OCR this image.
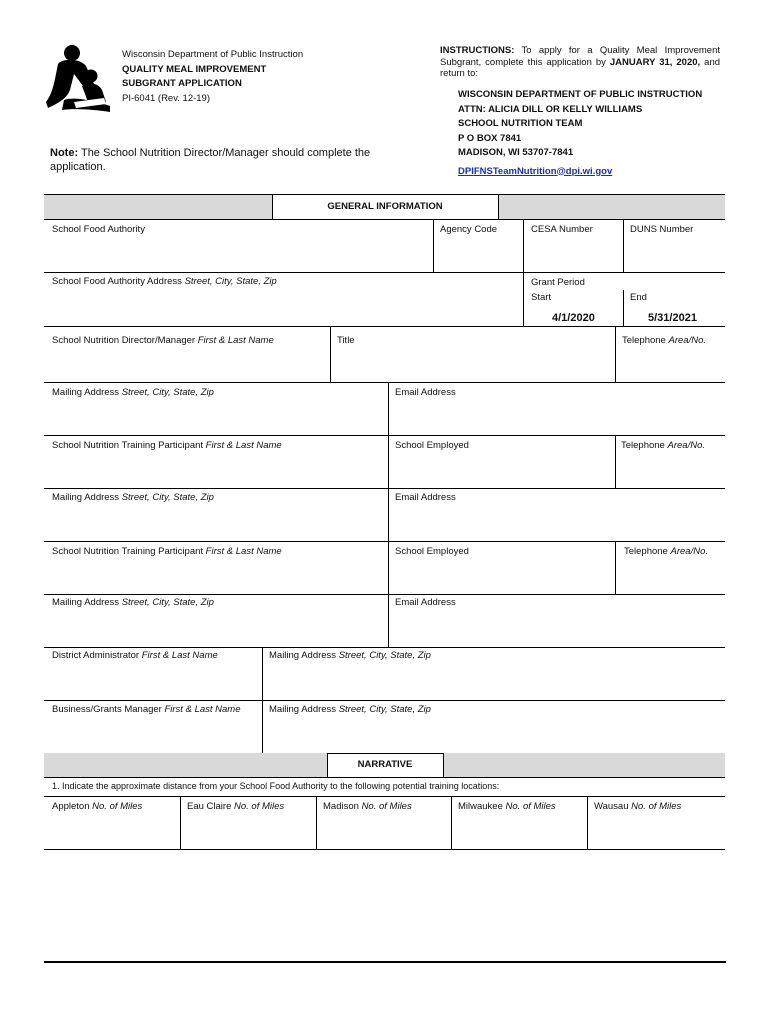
Wisconsin Department of Public Instruction
QUALITY MEAL IMPROVEMENT
SUBGRANT APPLICATION
PI-6041 (Rev. 12-19)
Note: The School Nutrition Director/Manager should complete the application.
INSTRUCTIONS: To apply for a Quality Meal Improvement Subgrant, complete this application by JANUARY 31, 2020, and return to:
WISCONSIN DEPARTMENT OF PUBLIC INSTRUCTION
ATTN: ALICIA DILL OR KELLY WILLIAMS
SCHOOL NUTRITION TEAM
P O BOX 7841
MADISON, WI 53707-7841
DPIFNSTeamNutrition@dpi.wi.gov
GENERAL INFORMATION
School Food Authority	Agency Code	CESA Number	DUNS Number
School Food Authority Address Street, City, State, Zip	Grant Period
Start	End
4/1/2020	5/31/2021
School Nutrition Director/Manager First & Last Name	Title	Telephone Area/No.
Mailing Address Street, City, State, Zip	Email Address
School Nutrition Training Participant First & Last Name	School Employed	Telephone Area/No.
Mailing Address Street, City, State, Zip	Email Address
School Nutrition Training Participant First & Last Name	School Employed	Telephone Area/No.
Mailing Address Street, City, State, Zip	Email Address
District Administrator First & Last Name	Mailing Address Street, City, State, Zip
Business/Grants Manager First & Last Name	Mailing Address Street, City, State, Zip
NARRATIVE
1. Indicate the approximate distance from your School Food Authority to the following potential training locations:
Appleton No. of Miles	Eau Claire No. of Miles	Madison No. of Miles	Milwaukee No. of Miles	Wausau No. of Miles
